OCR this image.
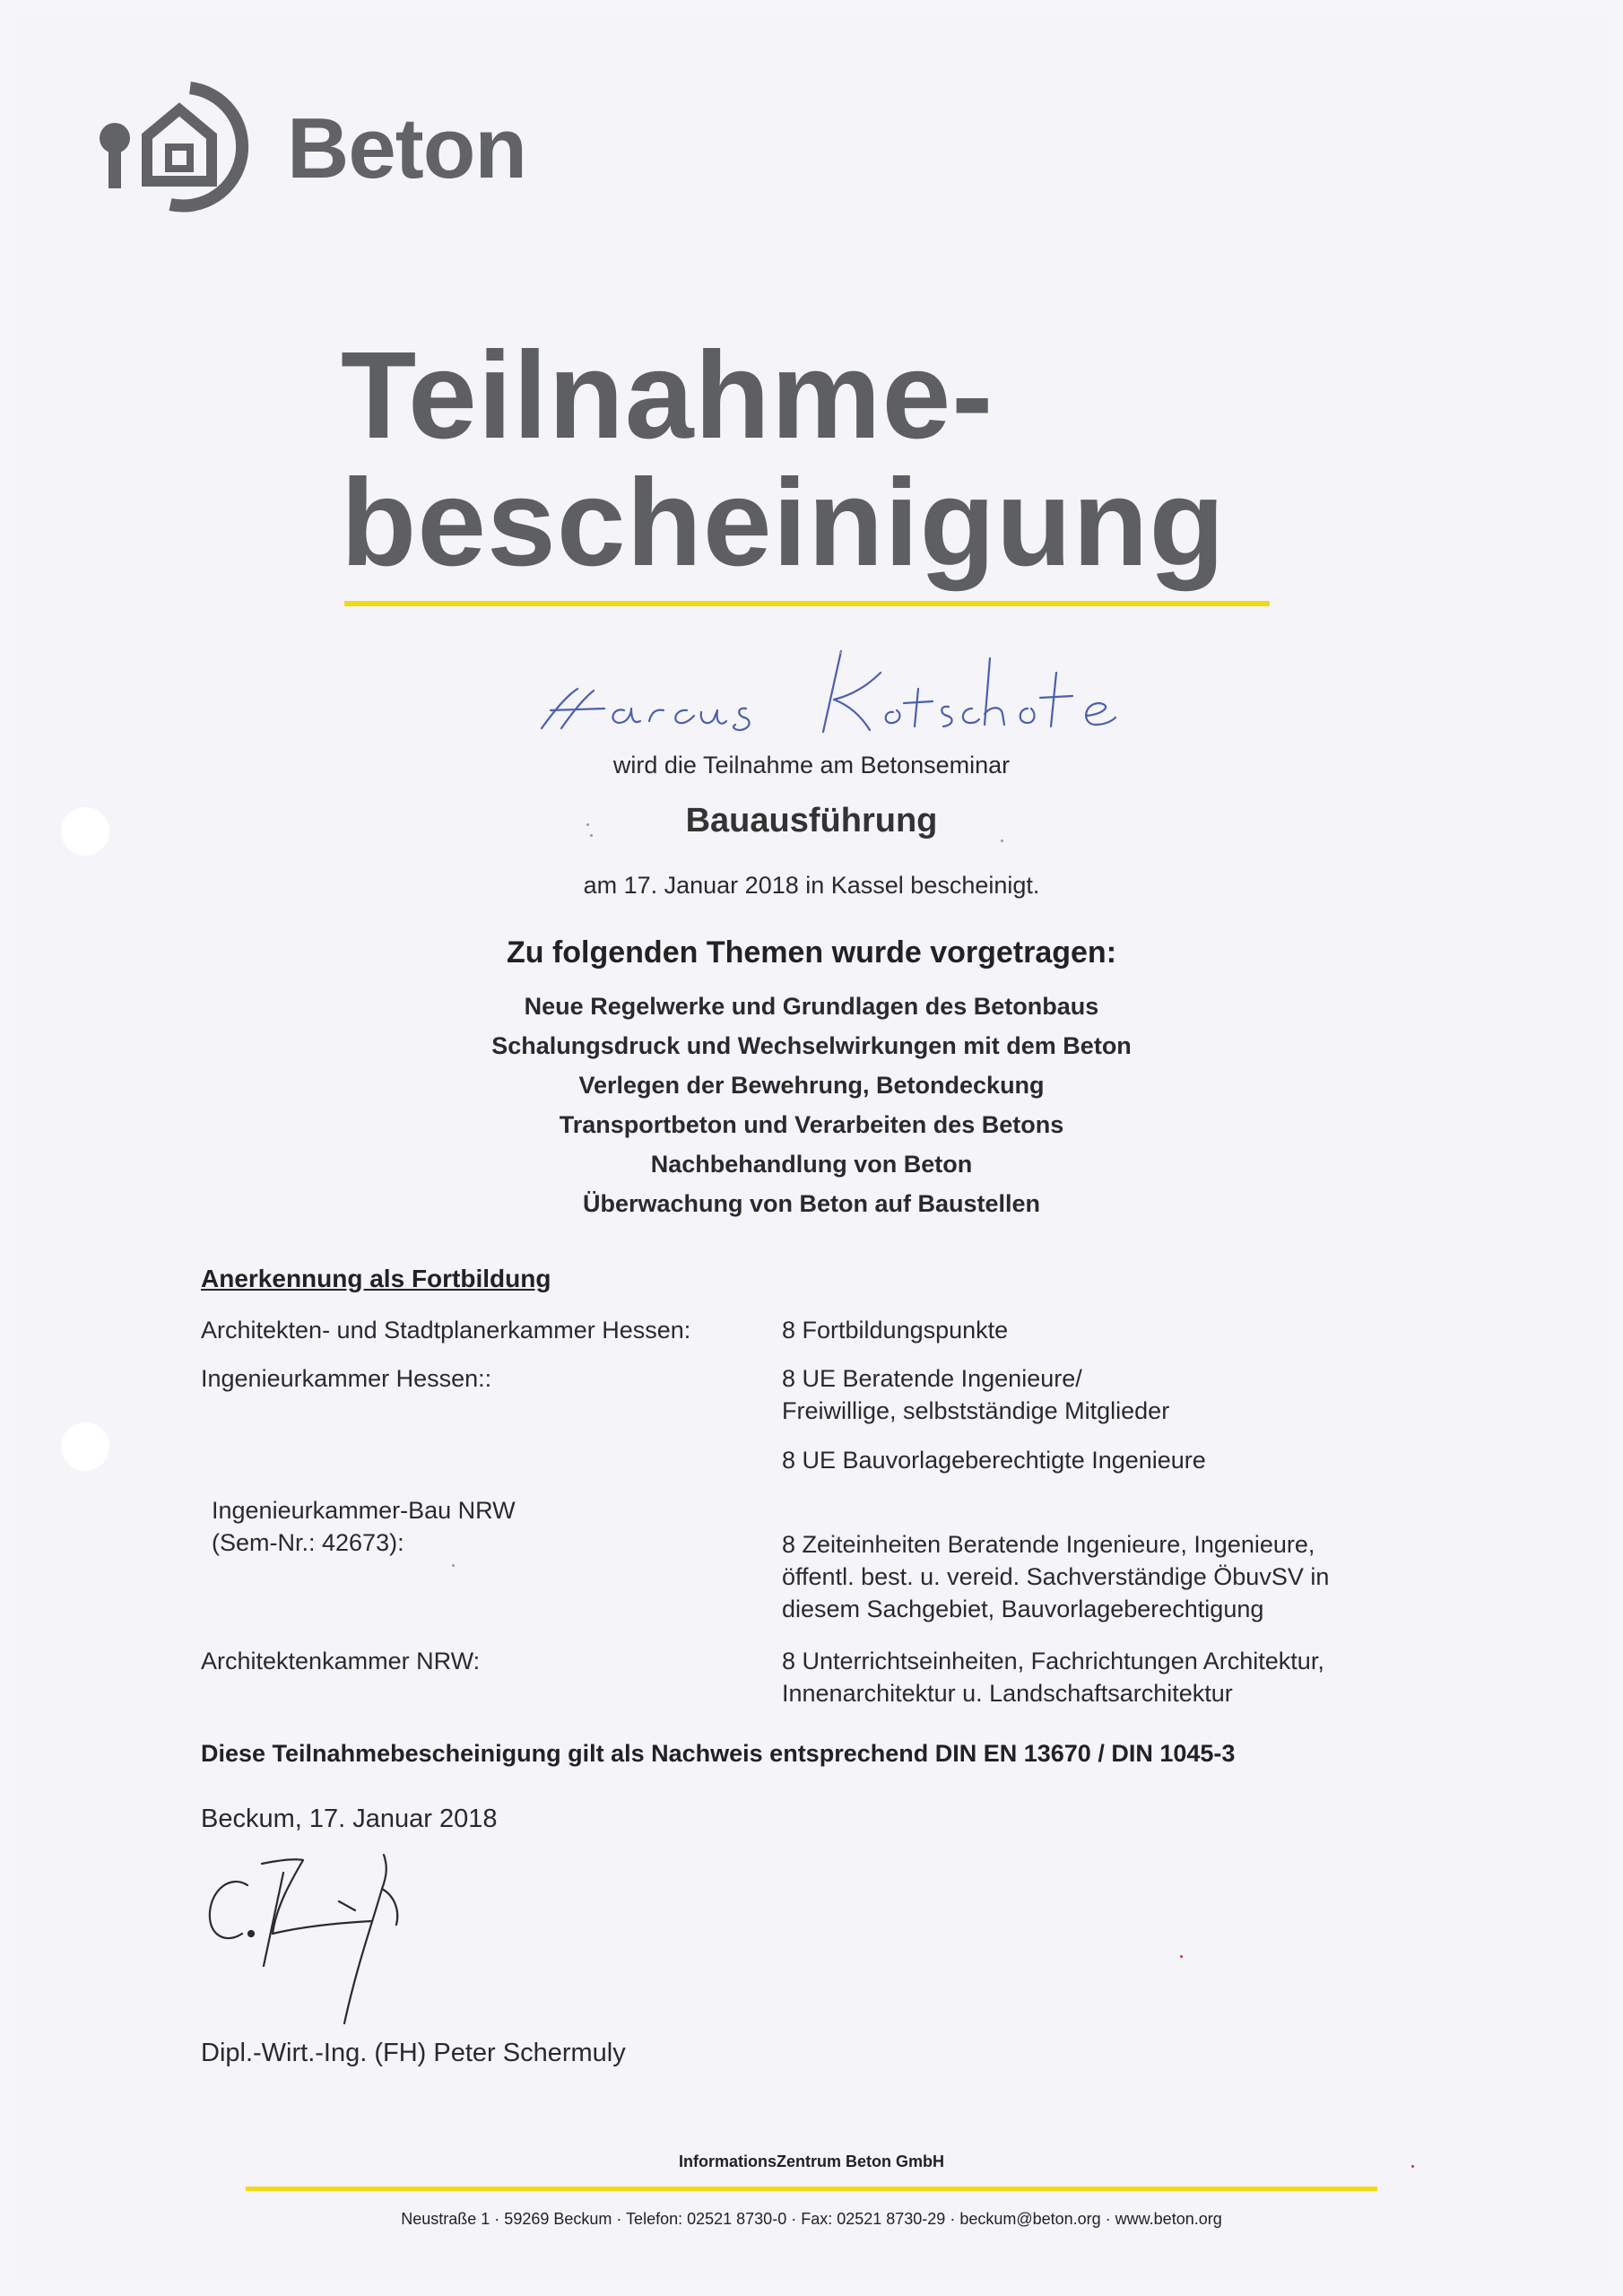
Beton
Teilnahme-
bescheinigung
wird die Teilnahme am Betonseminar
Bauausführung
am 17. Januar 2018 in Kassel bescheinigt.
Zu folgenden Themen wurde vorgetragen:
Neue Regelwerke und Grundlagen des Betonbaus
Schalungsdruck und Wechselwirkungen mit dem Beton
Verlegen der Bewehrung, Betondeckung
Transportbeton und Verarbeiten des Betons
Nachbehandlung von Beton
Überwachung von Beton auf Baustellen
Anerkennung als Fortbildung
Architekten- und Stadtplanerkammer Hessen:	8 Fortbildungspunkte
Ingenieurkammer Hessen::	8 UE Beratende Ingenieure/
Freiwillige, selbstständige Mitglieder
8 UE Bauvorlageberechtigte Ingenieure
Ingenieurkammer-Bau NRW
(Sem-Nr.: 42673):	8 Zeiteinheiten Beratende Ingenieure, Ingenieure,
öffentl. best. u. vereid. Sachverständige ÖbuvSV in
diesem Sachgebiet, Bauvorlageberechtigung
Architektenkammer NRW:	8 Unterrichtseinheiten, Fachrichtungen Architektur,
Innenarchitektur u. Landschaftsarchitektur
Diese Teilnahmebescheinigung gilt als Nachweis entsprechend DIN EN 13670 / DIN 1045-3
Beckum, 17. Januar 2018
Dipl.-Wirt.-Ing. (FH) Peter Schermuly
InformationsZentrum Beton GmbH
Neustraße 1 · 59269 Beckum · Telefon: 02521 8730-0 · Fax: 02521 8730-29 · beckum@beton.org · www.beton.org
